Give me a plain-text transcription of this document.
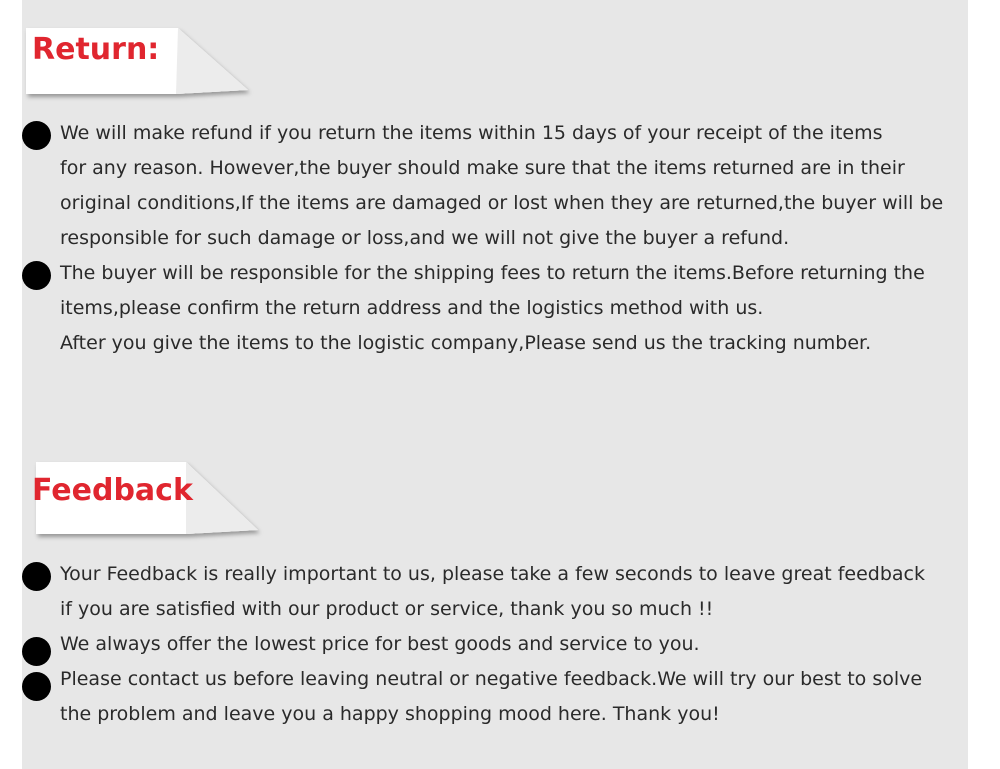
Return:
We will make refund if you return the items within 15 days of your receipt of the items
for any reason. However,the buyer should make sure that the items returned are in their
original conditions,If the items are damaged or lost when they are returned,the buyer will be
responsible for such damage or loss,and we will not give the buyer a refund.
The buyer will be responsible for the shipping fees to return the items.Before returning the
items,please confirm the return address and the logistics method with us.
After you give the items to the logistic company,Please send us the tracking number.
Feedback
Your Feedback is really important to us, please take a few seconds to leave great feedback
if you are satisfied with our product or service, thank you so much !!
We always offer the lowest price for best goods and service to you.
Please contact us before leaving neutral or negative feedback.We will try our best to solve
the problem and leave you a happy shopping mood here. Thank you!
